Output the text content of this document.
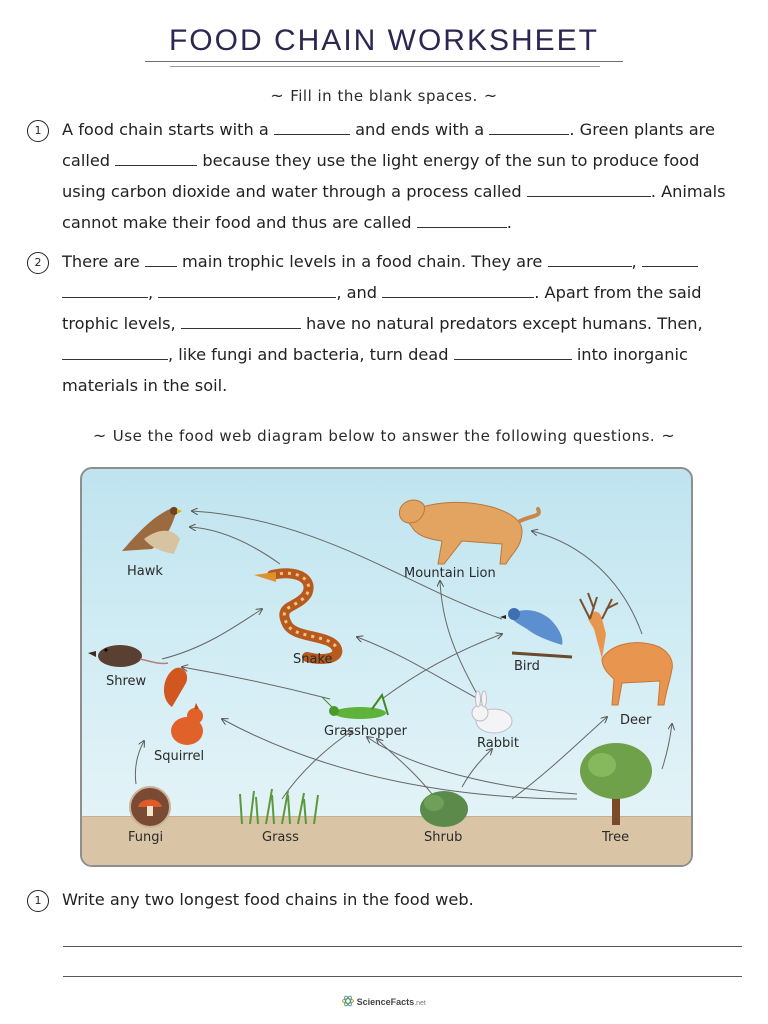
FOOD CHAIN WORKSHEET
~ Fill in the blank spaces. ~
1	A food chain starts with a	and ends with a	. Green plants are
called	because they use the light energy of the sun to produce food
using carbon dioxide and water through a process called	. Animals
cannot make their food and thus are called	.
2	There are	main trophic levels in a food chain. They are	,
,	, and	. Apart from the said
trophic levels,	have no natural predators except humans. Then,
, like fungi and bacteria, turn dead	into inorganic
materials in the soil.
~ Use the food web diagram below to answer the following questions. ~
Hawk
Snake
Mountain Lion
Shrew
Bird
Deer
Squirrel
Grasshopper
Rabbit
Fungi	Grass	Shrub	Tree
1	Write any two longest food chains in the food web.
ScienceFacts.net
